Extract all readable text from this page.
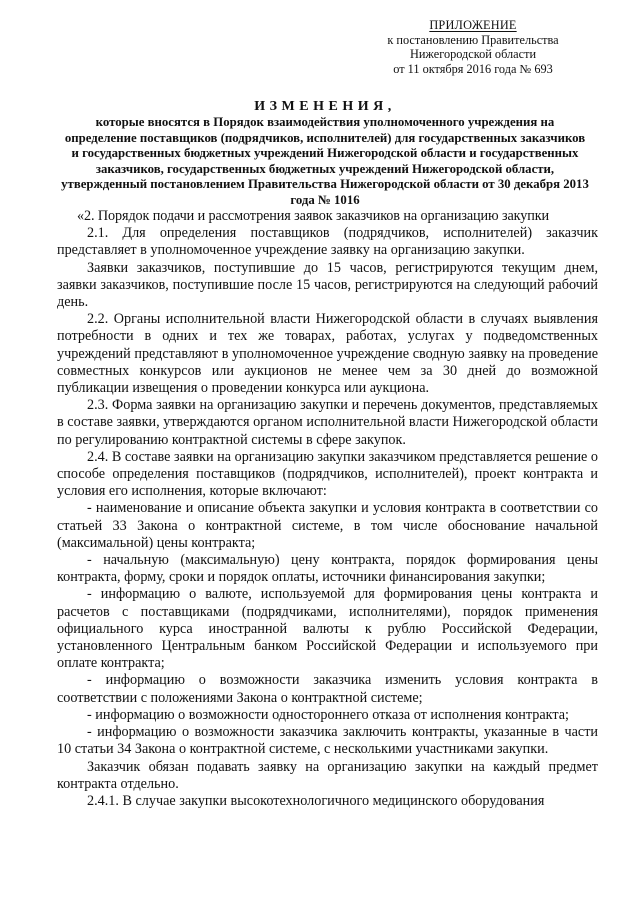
ПРИЛОЖЕНИЕ
к постановлению Правительства
Нижегородской области
от 11 октября 2016 года № 693
ИЗМЕНЕНИЯ,
которые вносятся в Порядок взаимодействия уполномоченного учреждения на определение поставщиков (подрядчиков, исполнителей) для государственных заказчиков и государственных бюджетных учреждений Нижегородской области и государственных заказчиков, государственных бюджетных учреждений Нижегородской области, утвержденный постановлением Правительства Нижегородской области от 30 декабря 2013 года № 1016

«2. Порядок подачи и рассмотрения заявок заказчиков на организацию закупки

2.1. Для определения поставщиков (подрядчиков, исполнителей) заказчик представляет в уполномоченное учреждение заявку на организацию закупки.

Заявки заказчиков, поступившие до 15 часов, регистрируются текущим днем, заявки заказчиков, поступившие после 15 часов, регистрируются на следующий рабочий день.

2.2. Органы исполнительной власти Нижегородской области в случаях выявления потребности в одних и тех же товарах, работах, услугах у подведомственных учреждений представляют в уполномоченное учреждение сводную заявку на проведение совместных конкурсов или аукционов не менее чем за 30 дней до возможной публикации извещения о проведении конкурса или аукциона.

2.3. Форма заявки на организацию закупки и перечень документов, представляемых в составе заявки, утверждаются органом исполнительной власти Нижегородской области по регулированию контрактной системы в сфере закупок.

2.4. В составе заявки на организацию закупки заказчиком представляется решение о способе определения поставщиков (подрядчиков, исполнителей), проект контракта и условия его исполнения, которые включают:

- наименование и описание объекта закупки и условия контракта в соответствии со статьей 33 Закона о контрактной системе, в том числе обоснование начальной (максимальной) цены контракта;

- начальную (максимальную) цену контракта, порядок формирования цены контракта, форму, сроки и порядок оплаты, источники финансирования закупки;

- информацию о валюте, используемой для формирования цены контракта и расчетов с поставщиками (подрядчиками, исполнителями), порядок применения официального курса иностранной валюты к рублю Российской Федерации, установленного Центральным банком Российской Федерации и используемого при оплате контракта;

- информацию о возможности заказчика изменить условия контракта в соответствии с положениями Закона о контрактной системе;

- информацию о возможности одностороннего отказа от исполнения контракта;

- информацию о возможности заказчика заключить контракты, указанные в части 10 статьи 34 Закона о контрактной системе, с несколькими участниками закупки.

Заказчик обязан подавать заявку на организацию закупки на каждый предмет контракта отдельно.

2.4.1. В случае закупки высокотехнологичного медицинского оборудования
